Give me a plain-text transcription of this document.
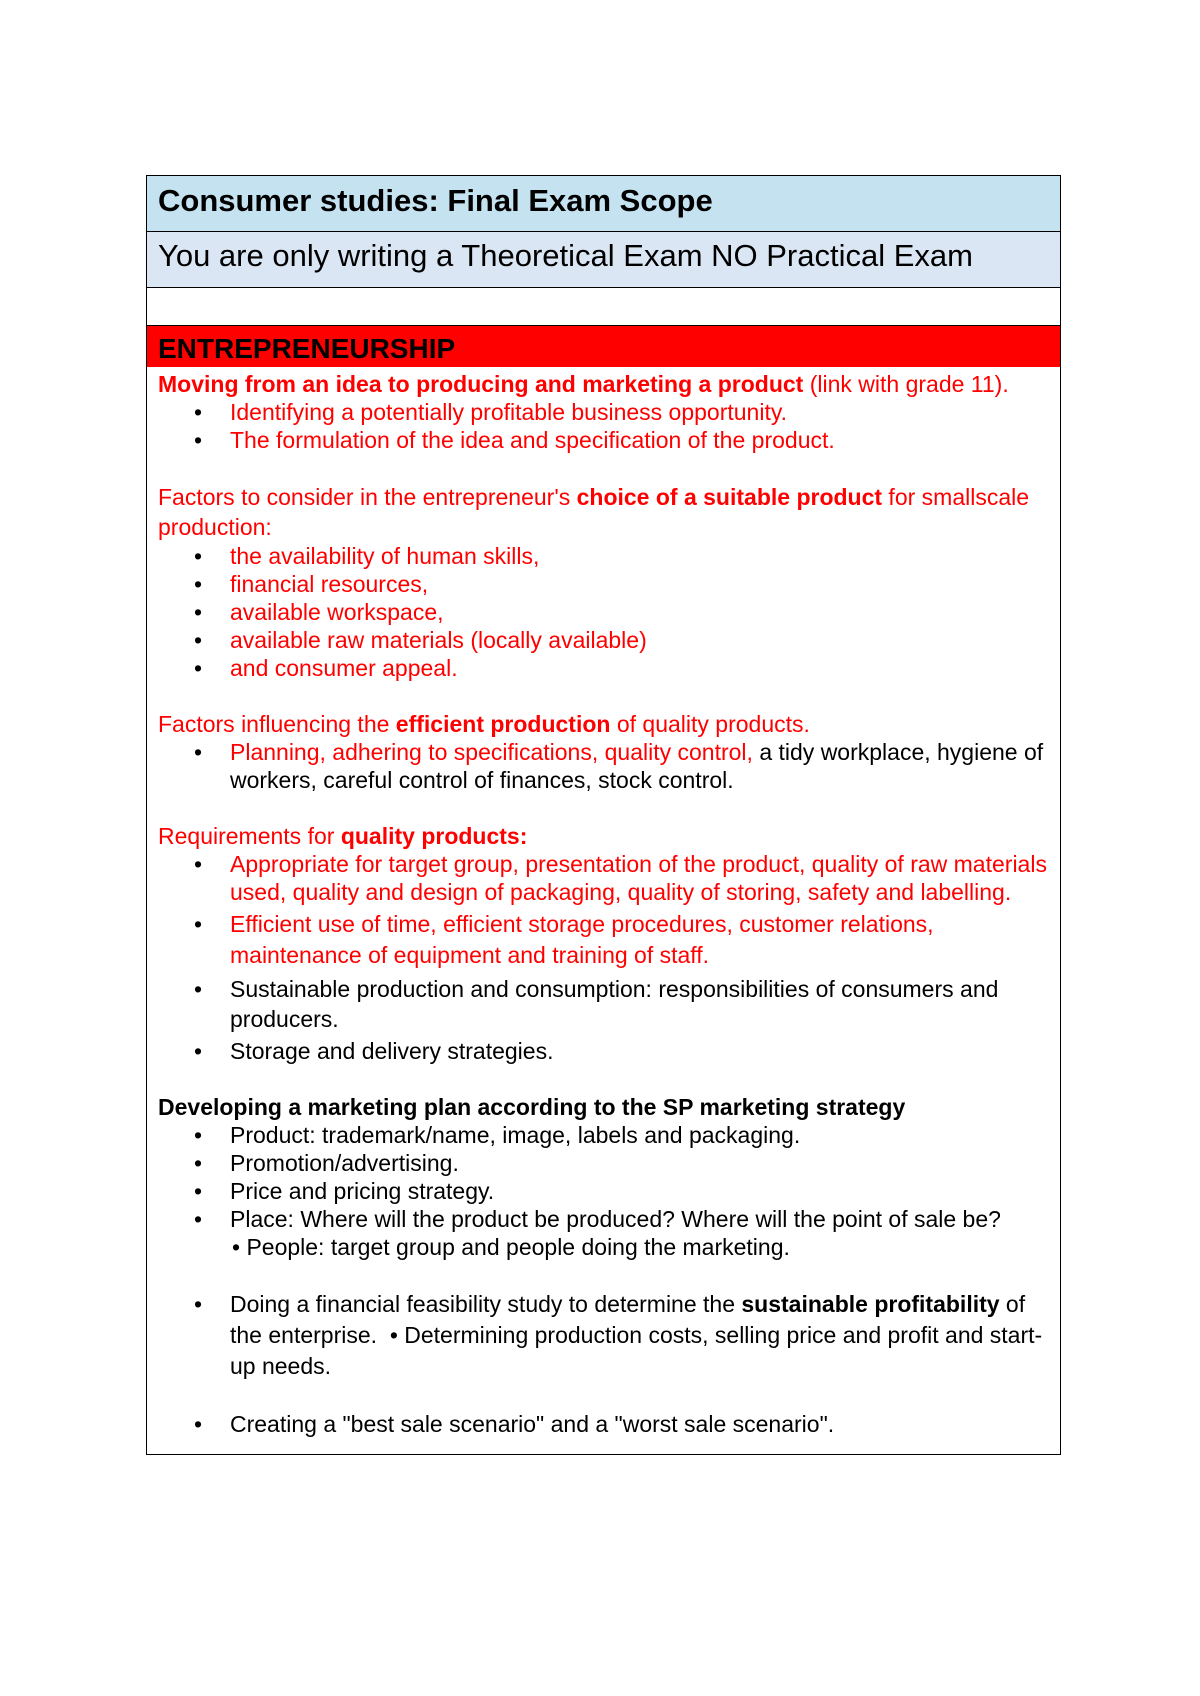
Consumer studies: Final Exam Scope
You are only writing a Theoretical Exam NO Practical Exam
ENTREPRENEURSHIP

Moving from an idea to producing and marketing a product (link with grade 11).

• Identifying a potentially profitable business opportunity.
• The formulation of the idea and specification of the product.

Factors to consider in the entrepreneur's choice of a suitable product for smallscale production:

• the availability of human skills,
• financial resources,
• available workspace,
• available raw materials (locally available)
• and consumer appeal.

Factors influencing the efficient production of quality products.

• Planning, adhering to specifications, quality control, a tidy workplace, hygiene of workers, careful control of finances, stock control.

Requirements for quality products:

• Appropriate for target group, presentation of the product, quality of raw materials used, quality and design of packaging, quality of storing, safety and labelling.
• Efficient use of time, efficient storage procedures, customer relations, maintenance of equipment and training of staff.
• Sustainable production and consumption: responsibilities of consumers and producers.
• Storage and delivery strategies.

Developing a marketing plan according to the SP marketing strategy

• Product: trademark/name, image, labels and packaging.
• Promotion/advertising.
• Price and pricing strategy.
• Place: Where will the product be produced? Where will the point of sale be?
• People: target group and people doing the marketing.
• Doing a financial feasibility study to determine the sustainable profitability of the enterprise. • Determining production costs, selling price and profit and start-up needs.
• Creating a "best sale scenario" and a "worst sale scenario".
